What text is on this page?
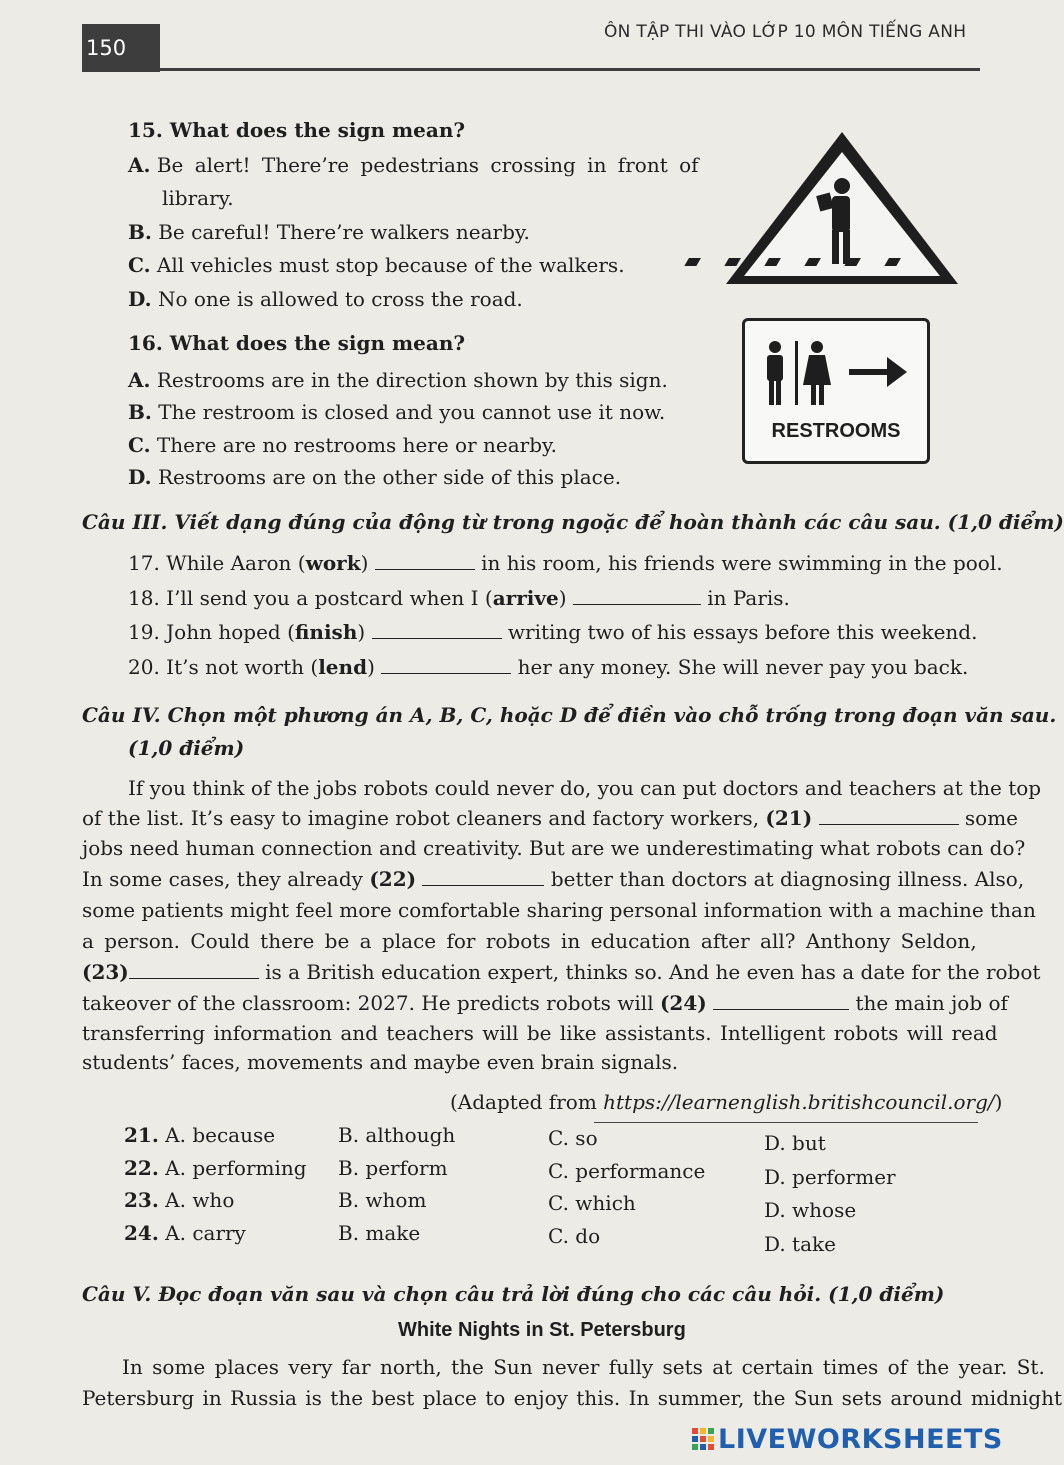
150
ÔN TẬP THI VÀO LỚP 10 MÔN TIẾNG ANH
15. What does the sign mean?
A. Be alert! There’re pedestrians crossing in front of
library.
B. Be careful! There’re walkers nearby.
C. All vehicles must stop because of the walkers.
D. No one is allowed to cross the road.
16. What does the sign mean?
A. Restrooms are in the direction shown by this sign.
B. The restroom is closed and you cannot use it now.
C. There are no restrooms here or nearby.
D. Restrooms are on the other side of this place.
RESTROOMS
Câu III. Viết dạng đúng của động từ trong ngoặc để hoàn thành các câu sau. (1,0 điểm)
17. While Aaron (work)	in his room, his friends were swimming in the pool.
18. I’ll send you a postcard when I (arrive)	in Paris.
19. John hoped (finish)	writing two of his essays before this weekend.
20. It’s not worth (lend)	her any money. She will never pay you back.
Câu IV. Chọn một phương án A, B, C, hoặc D để điền vào chỗ trống trong đoạn văn sau.
(1,0 điểm)
If you think of the jobs robots could never do, you can put doctors and teachers at the top
of the list. It’s easy to imagine robot cleaners and factory workers, (21)	some
jobs need human connection and creativity. But are we underestimating what robots can do?
In some cases, they already (22)	better than doctors at diagnosing illness. Also,
some patients might feel more comfortable sharing personal information with a machine than
a person. Could there be a place for robots in education after all? Anthony Seldon,
(23)	is a British education expert, thinks so. And he even has a date for the robot
takeover of the classroom: 2027. He predicts robots will (24)	the main job of
transferring information and teachers will be like assistants. Intelligent robots will read
students’ faces, movements and maybe even brain signals.
(Adapted from https://learnenglish.britishcouncil.org/)
21. A. because	B. although	C. so	D. but
22. A. performing B. perform	C. performance	D. performer
23. A. who	B. whom	C. which	D. whose
24. A. carry	B. make	C. do	D. take
Câu V. Đọc đoạn văn sau và chọn câu trả lời đúng cho các câu hỏi. (1,0 điểm)
White Nights in St. Petersburg
In some places very far north, the Sun never fully sets at certain times of the year. St.
Petersburg in Russia is the best place to enjoy this. In summer, the Sun sets around midnight
LIVEWORKSHEETS
